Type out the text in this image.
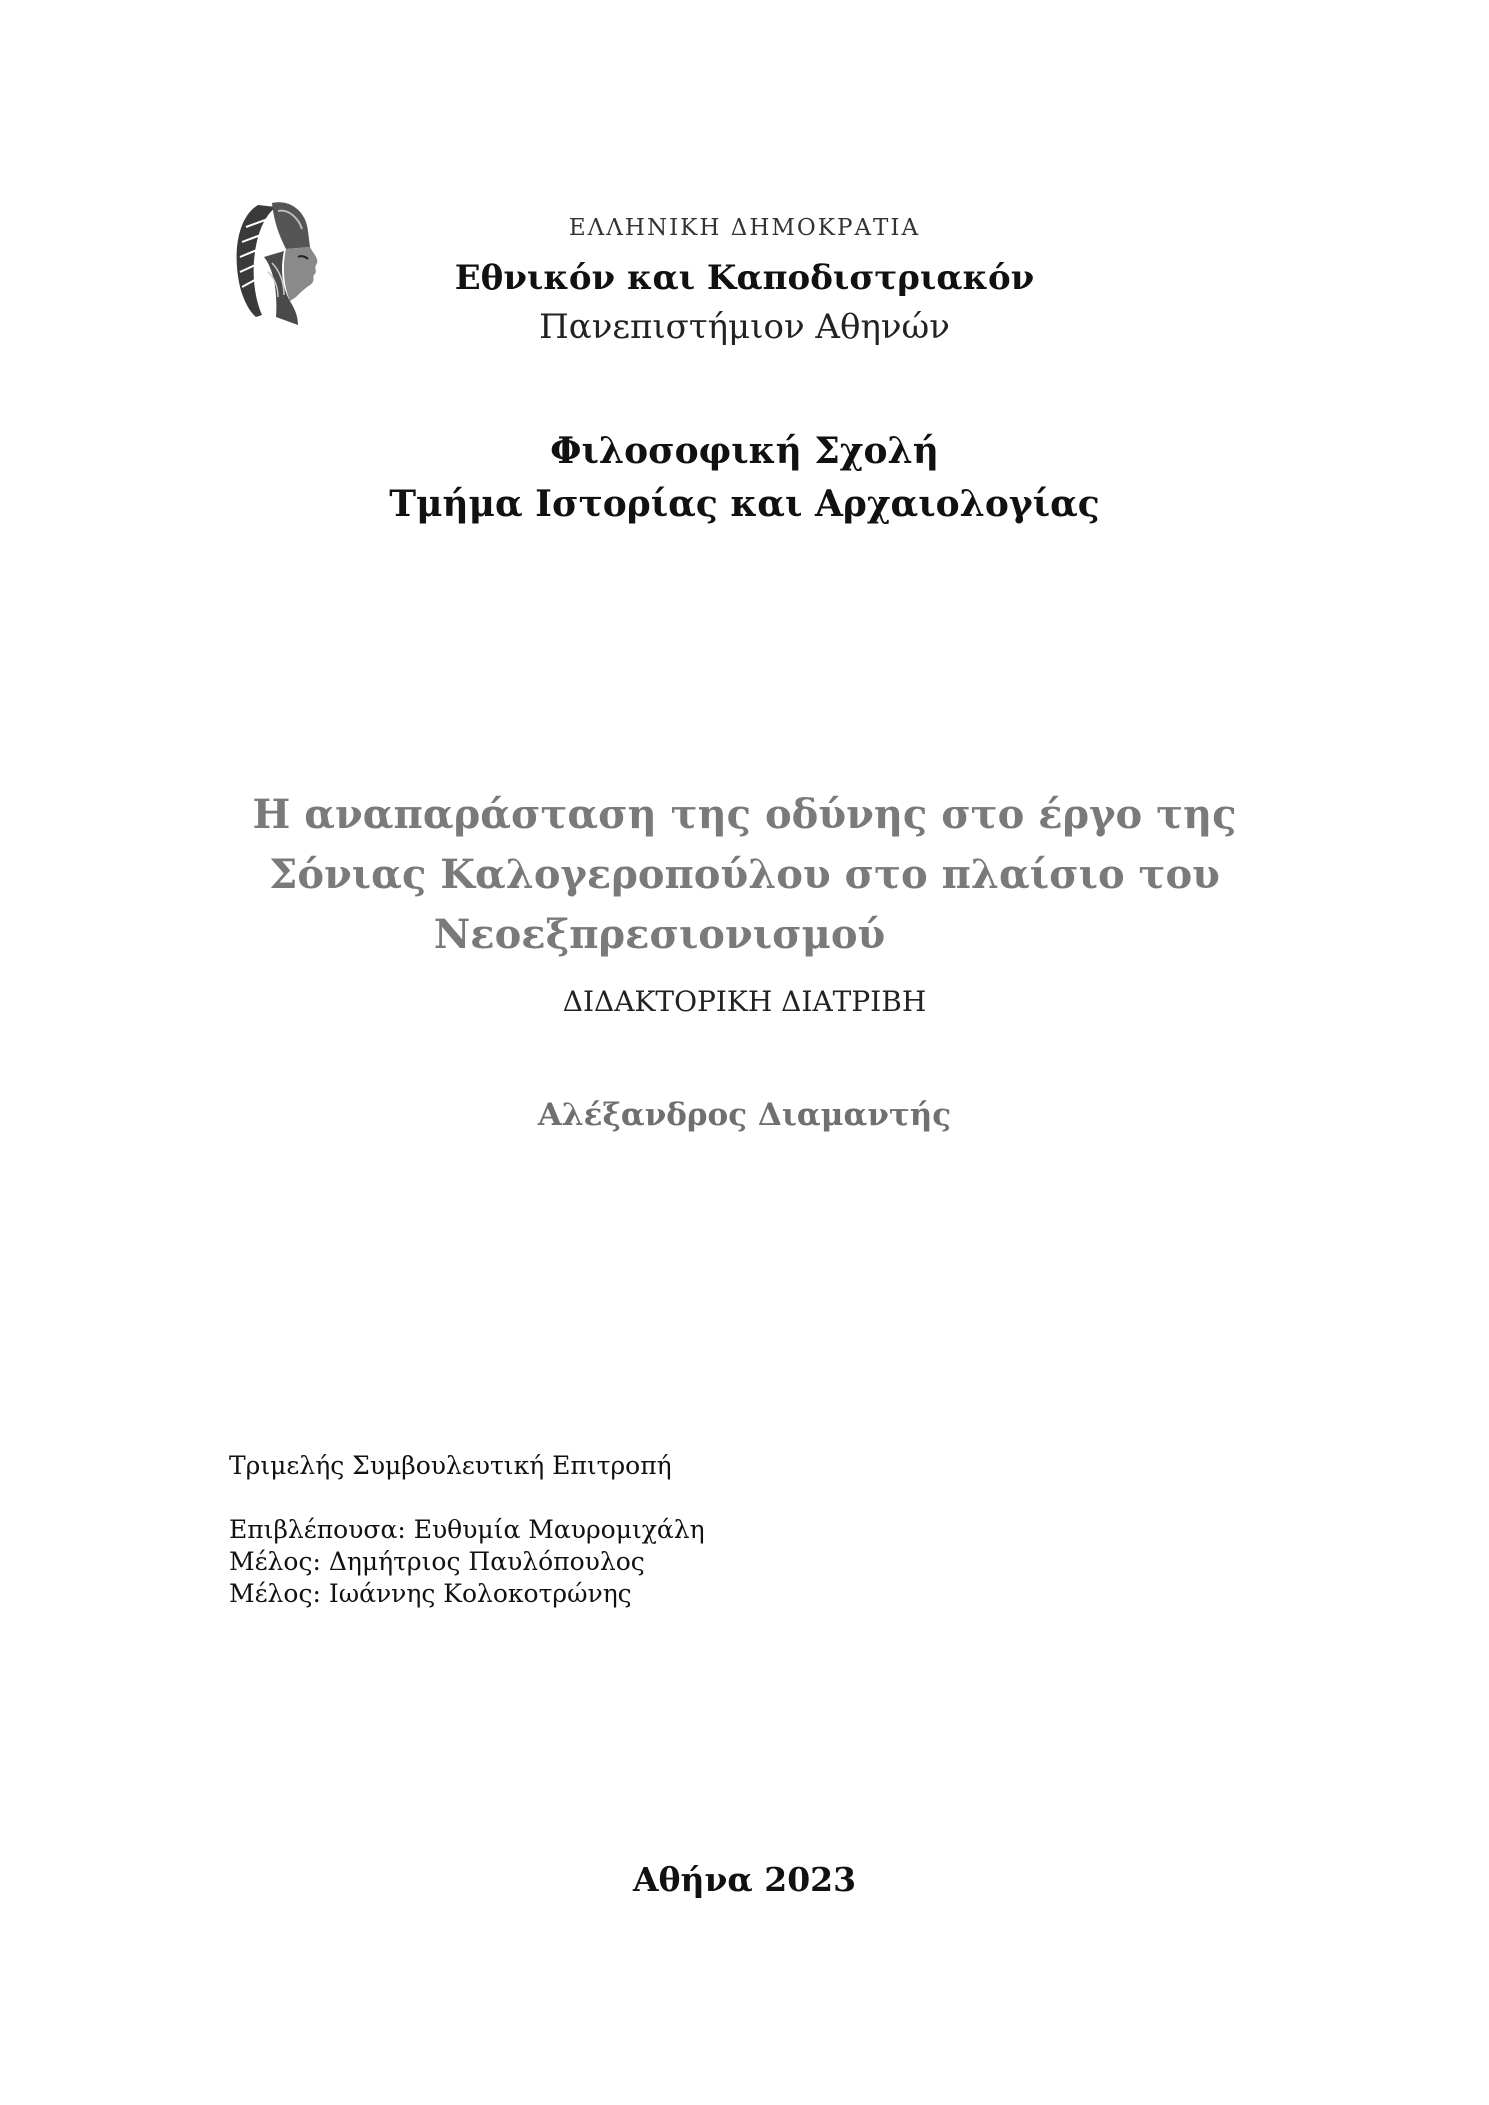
ΕΛΛΗΝΙΚΗ ΔΗΜΟΚΡΑΤΙΑ
Εθνικόν και Καποδιστριακόν
Πανεπιστήμιον Αθηνών
Φιλοσοφική Σχολή
Τμήμα Ιστορίας και Αρχαιολογίας
Η αναπαράσταση της οδύνης στο έργο της
Σόνιας Καλογεροπούλου στο πλαίσιο του
Νεοεξπρεσιονισμού
ΔΙΔΑΚΤΟΡΙΚΗ ΔΙΑΤΡΙΒΗ
Αλέξανδρος Διαμαντής
Τριμελής Συμβουλευτική Επιτροπή
Επιβλέπουσα: Ευθυμία Μαυρομιχάλη
Μέλος: Δημήτριος Παυλόπουλος
Μέλος: Ιωάννης Κολοκοτρώνης
Αθήνα 2023
